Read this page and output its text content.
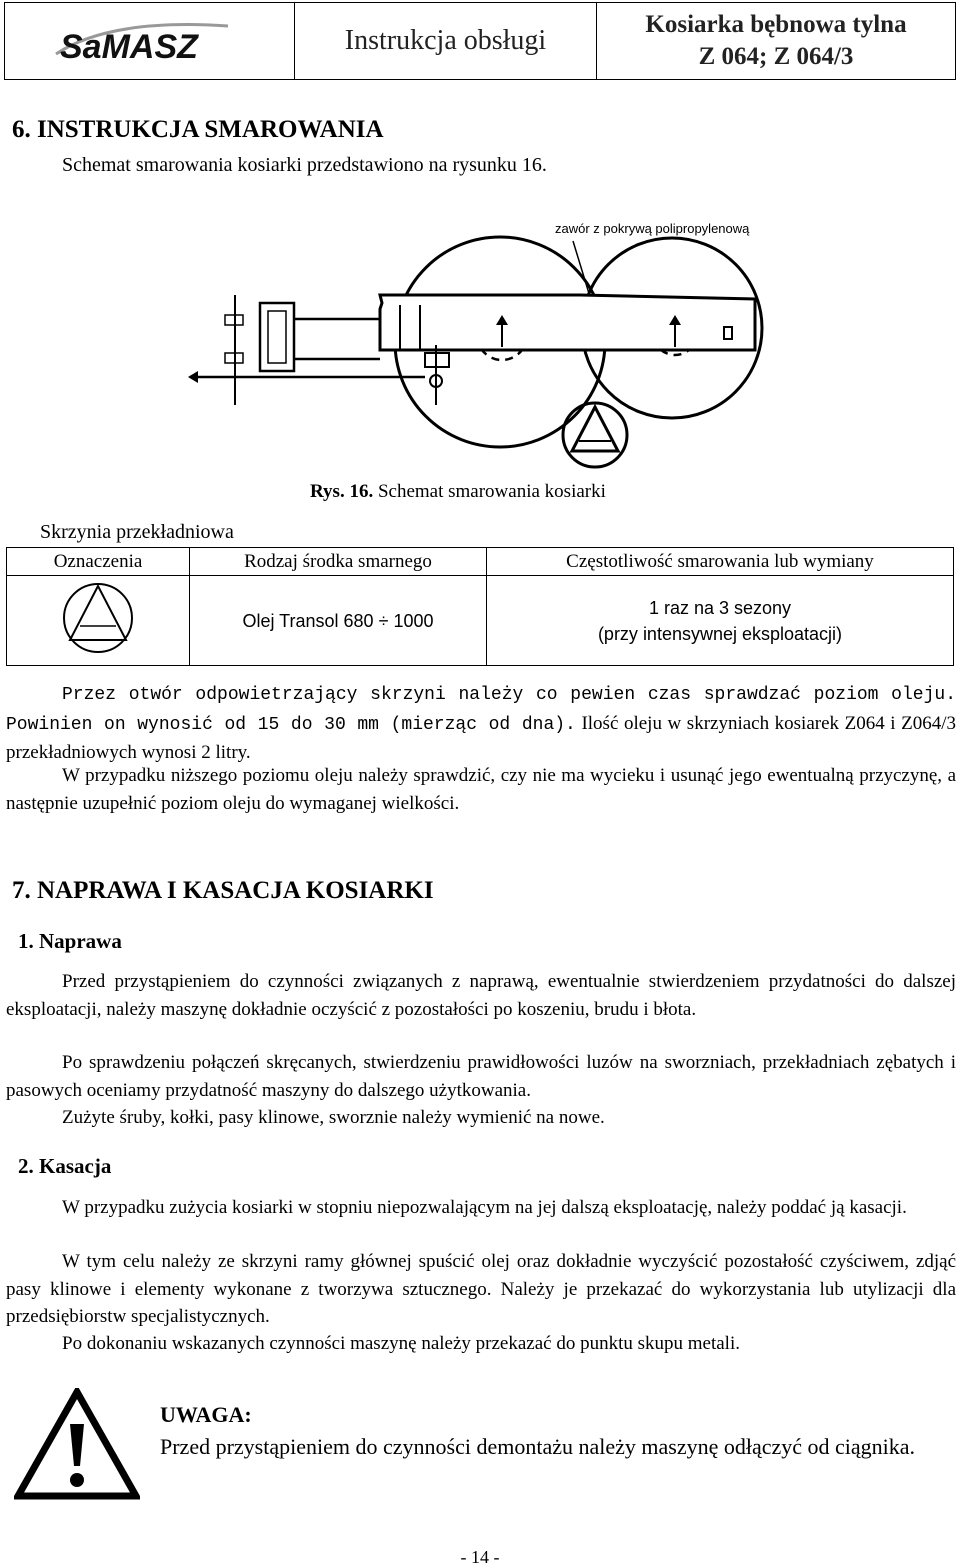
SaMASZ	Instrukcja obsługi
Kosiarka bębnowa tylna
Z 064; Z 064/3
6. INSTRUKCJA SMAROWANIA
Schemat smarowania kosiarki przedstawiono na rysunku 16.
zawór z pokrywą polipropylenową
Rys. 16. Schemat smarowania kosiarki
Skrzynia przekładniowa
Oznaczenia	Rodzaj środka smarnego	Częstotliwość smarowania lub wymiany
	Olej Transol 680 ÷ 1000	1 raz na 3 sezony
(przy intensywnej eksploatacji)
Przez otwór odpowietrzający skrzyni należy co pewien czas sprawdzać poziom oleju. Powinien on wynosić od 15 do 30 mm (mierząc od dna). Ilość oleju w skrzyniach kosiarek Z064 i Z064/3 przekładniowych wynosi 2 litry.
W przypadku niższego poziomu oleju należy sprawdzić, czy nie ma wycieku i usunąć jego ewentualną przyczynę, a następnie uzupełnić poziom oleju do wymaganej wielkości.
7. NAPRAWA I KASACJA KOSIARKI
1. Naprawa
Przed przystąpieniem do czynności związanych z naprawą, ewentualnie stwierdzeniem przydatności do dalszej eksploatacji, należy maszynę dokładnie oczyścić z pozostałości po koszeniu, brudu i błota.
Po sprawdzeniu połączeń skręcanych, stwierdzeniu prawidłowości luzów na sworzniach, przekładniach zębatych i pasowych oceniamy przydatność maszyny do dalszego użytkowania.
Zużyte śruby, kołki, pasy klinowe, sworznie należy wymienić na nowe.
2. Kasacja
W przypadku zużycia kosiarki w stopniu niepozwalającym na jej dalszą eksploatację, należy poddać ją kasacji.
W tym celu należy ze skrzyni ramy głównej spuścić olej oraz dokładnie wyczyścić pozostałość czyściwem, zdjąć pasy klinowe i elementy wykonane z tworzywa sztucznego. Należy je przekazać do wykorzystania lub utylizacji dla przedsiębiorstw specjalistycznych.
Po dokonaniu wskazanych czynności maszynę należy przekazać do punktu skupu metali.
UWAGA:
Przed przystąpieniem do czynności demontażu należy maszynę odłączyć od ciągnika.
- 14 -
